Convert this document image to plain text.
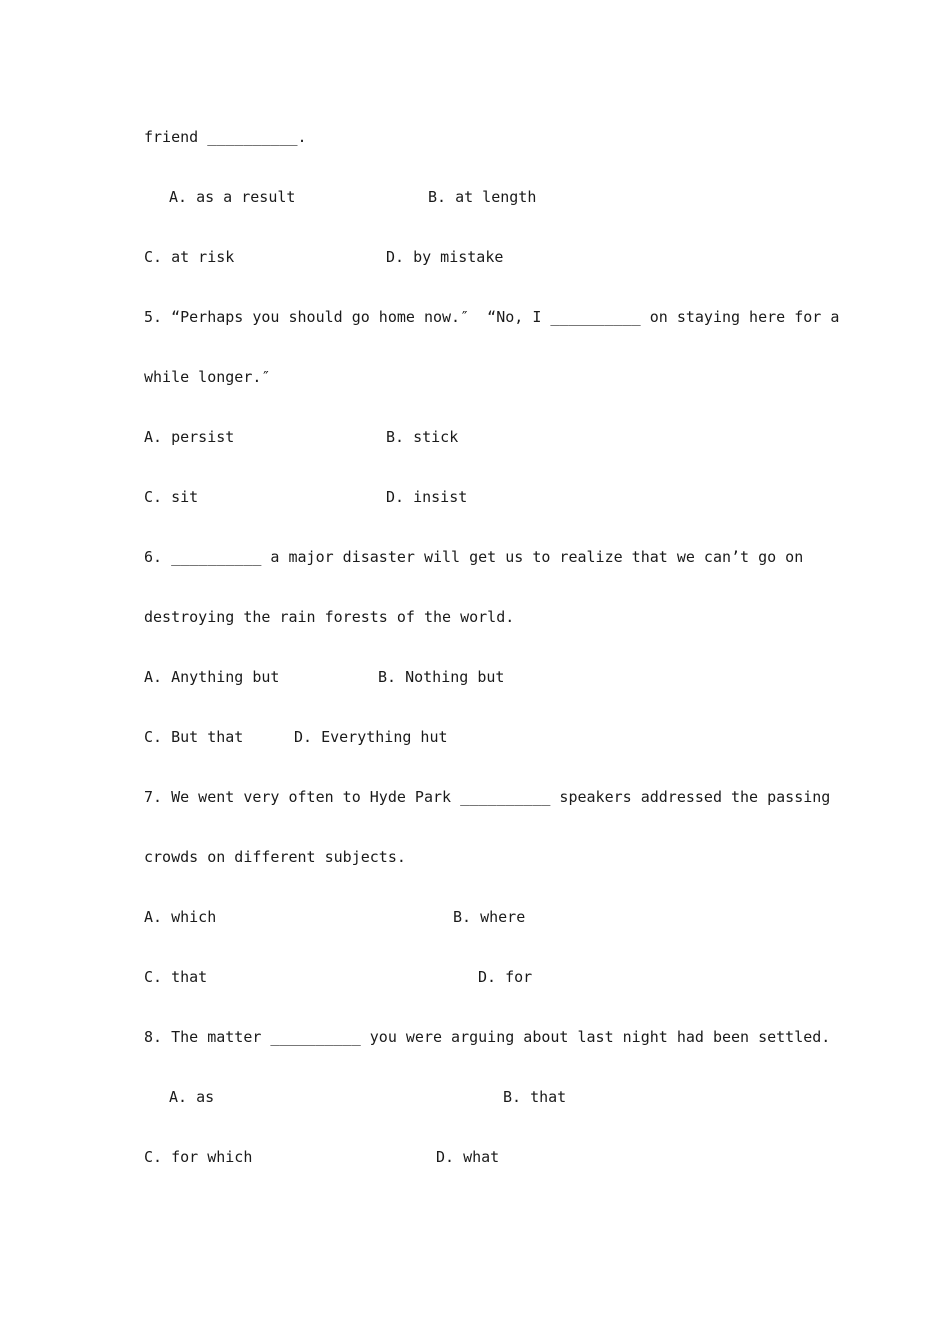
friend __________.
A. as a result	B. at length
C. at risk	D. by mistake
5. “Perhaps you should go home now.″  “No, I __________ on staying here for a
while longer.″
A. persist	B. stick
C. sit	D. insist
6. __________ a major disaster will get us to realize that we can’t go on
destroying the rain forests of the world.
A. Anything but	B. Nothing but
C. But that	D. Everything hut
7. We went very often to Hyde Park __________ speakers addressed the passing
crowds on different subjects.
A. which	B. where
C. that	D. for
8. The matter __________ you were arguing about last night had been settled.
A. as	B. that
C. for which	D. what
